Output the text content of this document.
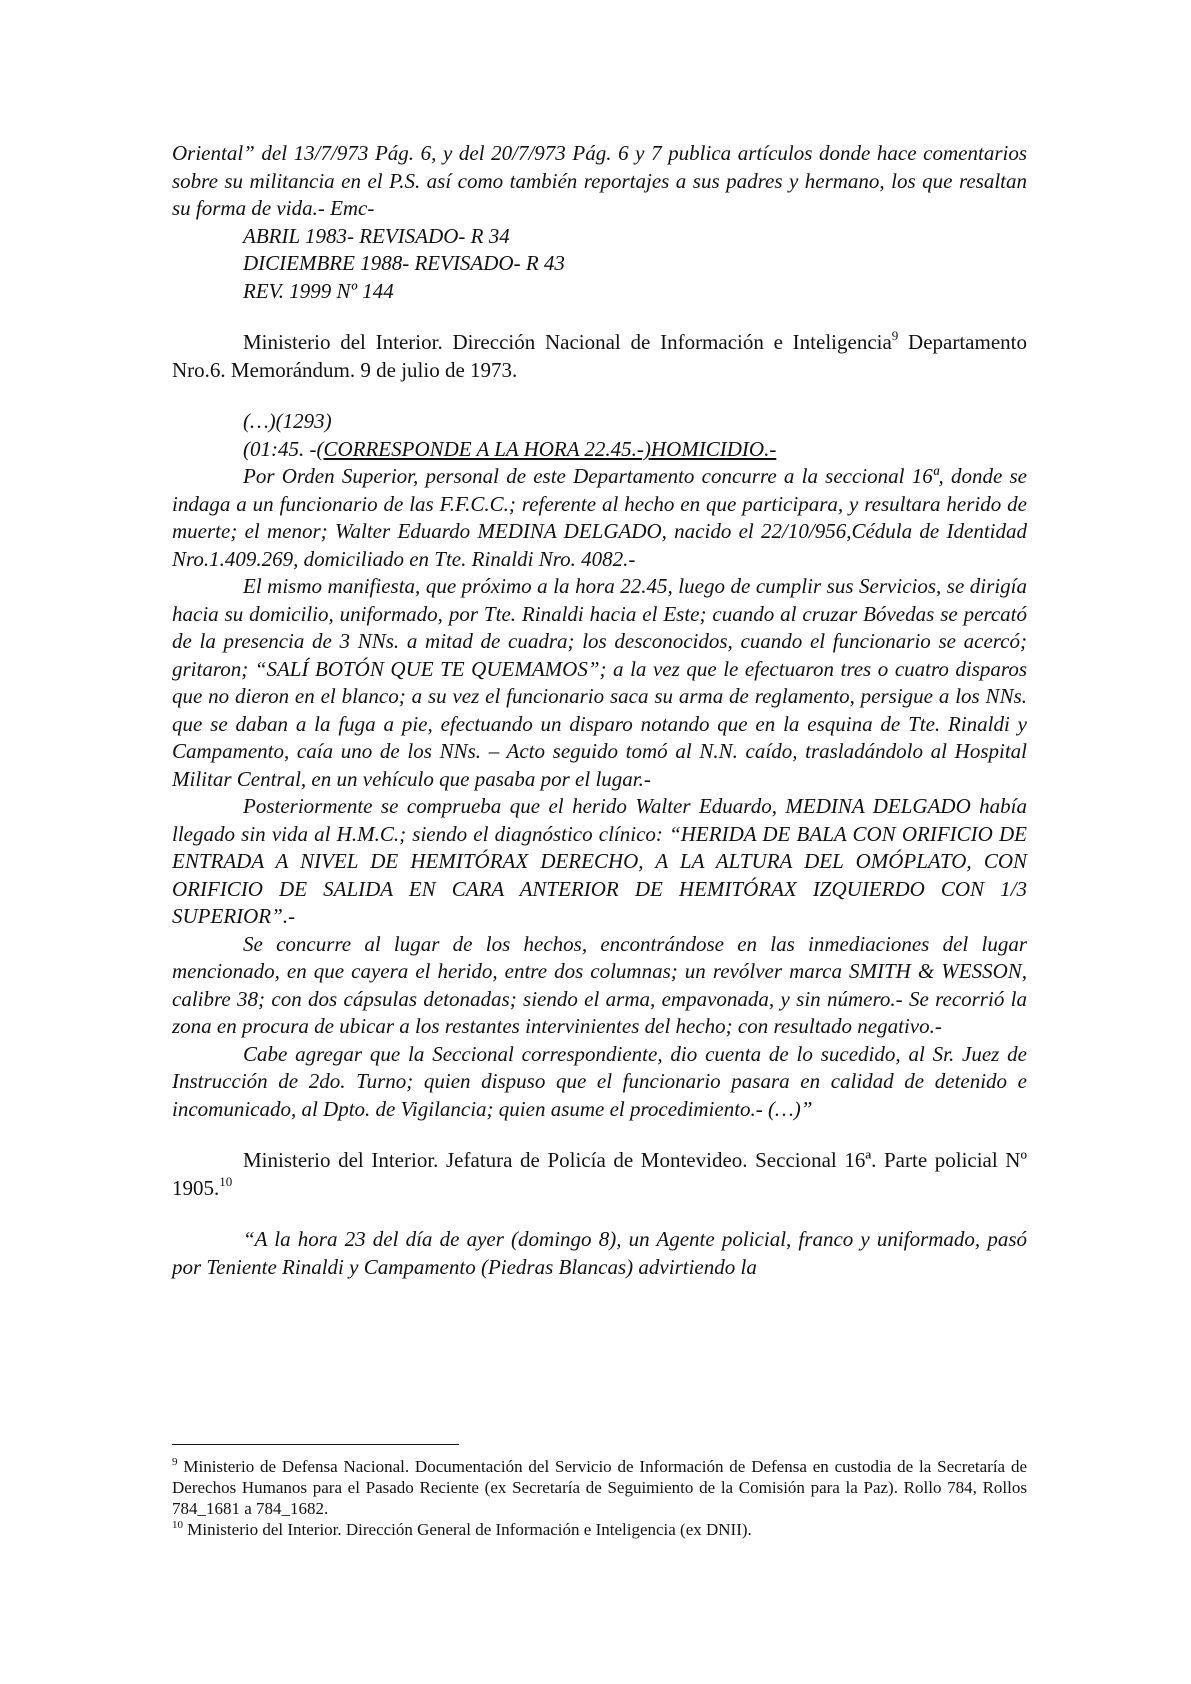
Oriental” del 13/7/973 Pág. 6, y del 20/7/973 Pág. 6 y 7 publica artículos donde hace comentarios sobre su militancia en el P.S. así como también reportajes a sus padres y hermano, los que resaltan su forma de vida.- Emc-

ABRIL 1983- REVISADO- R 34

DICIEMBRE 1988- REVISADO- R 43

REV. 1999 Nº 144

Ministerio del Interior. Dirección Nacional de Información e Inteligencia$^9$ Departamento Nro.6. Memorándum. 9 de julio de 1973.

(…)(1293)

(01:45. -(CORRESPONDE A LA HORA 22.45.-)HOMICIDIO.-

Por Orden Superior, personal de este Departamento concurre a la seccional 16ª, donde se indaga a un funcionario de las F.F.C.C.; referente al hecho en que participara, y resultara herido de muerte; el menor; Walter Eduardo MEDINA DELGADO, nacido el 22/10/956,Cédula de Identidad Nro.1.409.269, domiciliado en Tte. Rinaldi Nro. 4082.-

El mismo manifiesta, que próximo a la hora 22.45, luego de cumplir sus Servicios, se dirigía hacia su domicilio, uniformado, por Tte. Rinaldi hacia el Este; cuando al cruzar Bóvedas se percató de la presencia de 3 NNs. a mitad de cuadra; los desconocidos, cuando el funcionario se acercó; gritaron; “SALÍ BOTÓN QUE TE QUEMAMOS”; a la vez que le efectuaron tres o cuatro disparos que no dieron en el blanco; a su vez el funcionario saca su arma de reglamento, persigue a los NNs. que se daban a la fuga a pie, efectuando un disparo notando que en la esquina de Tte. Rinaldi y Campamento, caía uno de los NNs. – Acto seguido tomó al N.N. caído, trasladándolo al Hospital Militar Central, en un vehículo que pasaba por el lugar.-

Posteriormente se comprueba que el herido Walter Eduardo, MEDINA DELGADO había llegado sin vida al H.M.C.; siendo el diagnóstico clínico: “HERIDA DE BALA CON ORIFICIO DE ENTRADA A NIVEL DE HEMITÓRAX DERECHO, A LA ALTURA DEL OMÓPLATO, CON ORIFICIO DE SALIDA EN CARA ANTERIOR DE HEMITÓRAX IZQUIERDO CON 1/3 SUPERIOR”.-

Se concurre al lugar de los hechos, encontrándose en las inmediaciones del lugar mencionado, en que cayera el herido, entre dos columnas; un revólver marca SMITH & WESSON, calibre 38; con dos cápsulas detonadas; siendo el arma, empavonada, y sin número.- Se recorrió la zona en procura de ubicar a los restantes intervinientes del hecho; con resultado negativo.-

Cabe agregar que la Seccional correspondiente, dio cuenta de lo sucedido, al Sr. Juez de Instrucción de 2do. Turno; quien dispuso que el funcionario pasara en calidad de detenido e incomunicado, al Dpto. de Vigilancia; quien asume el procedimiento.- (…)”

Ministerio del Interior. Jefatura de Policía de Montevideo. Seccional 16ª. Parte policial Nº 1905.10

“A la hora 23 del día de ayer (domingo 8), un Agente policial, franco y uniformado, pasó por Teniente Rinaldi y Campamento (Piedras Blancas) advirtiendo la

$^9$ Ministerio de Defensa Nacional. Documentación del Servicio de Información de Defensa en custodia de la Secretaría de Derechos Humanos para el Pasado Reciente (ex Secretaría de Seguimiento de la Comisión para la Paz). Rollo 784, Rollos 784_1681 a 784_1682.

$^{10}$ Ministerio del Interior. Dirección General de Información e Inteligencia (ex DNII).
